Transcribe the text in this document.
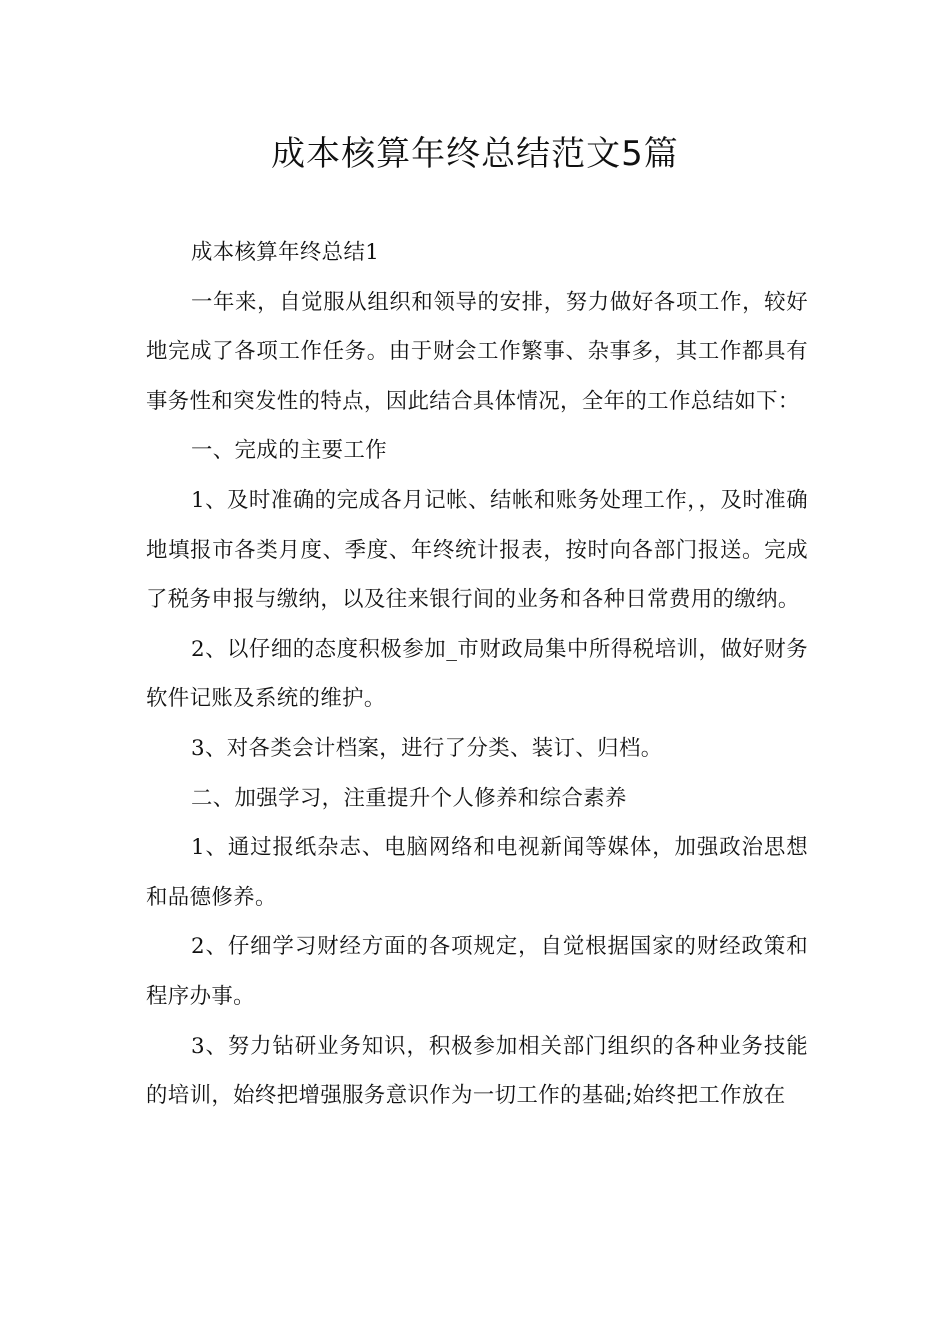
成本核算年终总结范文5篇

成本核算年终总结1

一年来，自觉服从组织和领导的安排，努力做好各项工作，较好地完成了各项工作任务。由于财会工作繁事、杂事多，其工作都具有事务性和突发性的特点，因此结合具体情况，全年的工作总结如下：

一、完成的主要工作

1、及时准确的完成各月记帐、结帐和账务处理工作，，及时准确地填报市各类月度、季度、年终统计报表，按时向各部门报送。完成了税务申报与缴纳，以及往来银行间的业务和各种日常费用的缴纳。

2、以仔细的态度积极参加_市财政局集中所得税培训，做好财务软件记账及系统的维护。

3、对各类会计档案，进行了分类、装订、归档。

二、加强学习，注重提升个人修养和综合素养

1、通过报纸杂志、电脑网络和电视新闻等媒体，加强政治思想和品德修养。

2、仔细学习财经方面的各项规定，自觉根据国家的财经政策和程序办事。

3、努力钻研业务知识，积极参加相关部门组织的各种业务技能的培训，始终把增强服务意识作为一切工作的基础;始终把工作放在
